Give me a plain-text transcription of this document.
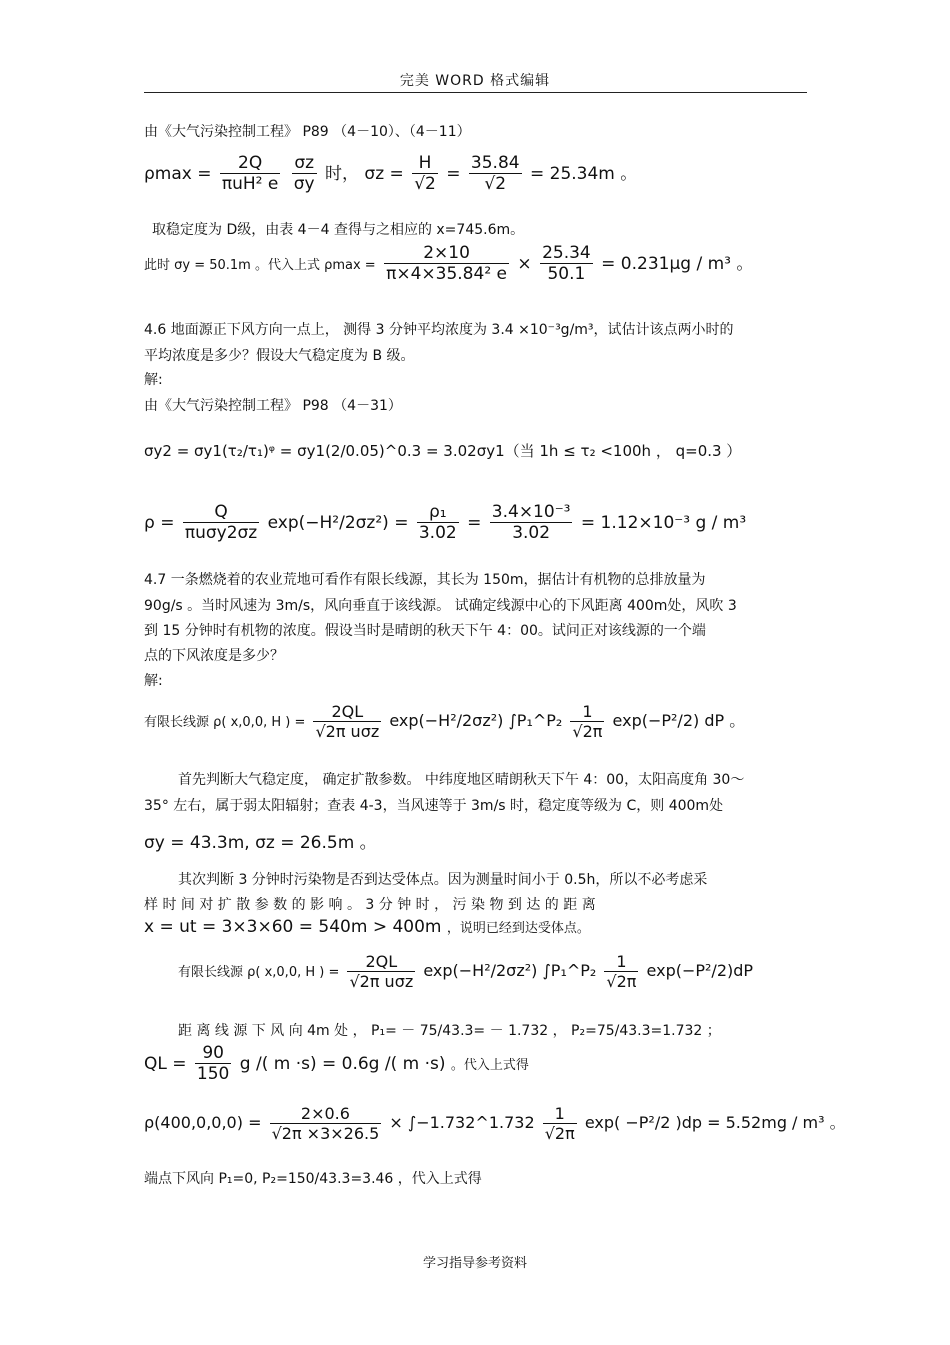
完美 WORD 格式编辑
由《大气污染控制工程》 P89 （4－10）、（4－11）
$\rho\max = \frac{2Q}{\text{πuH² e}}$
$\frac{\sigma z}{\sigma y}$ 时， $\sigma z = \frac{H}{√2} = \frac{35.84}{√2} = 25.34m$ 。
取稳定度为 D级，由表 4－4 查得与之相应的 x=745.6m。
此时 σy = 50.1m 。代入上式 $\rho\max = \frac{2\times 10}{\text{π×4×35.84² e}} \times \frac{25.34}{50.1} = 0.231\mu g / m^3$ 。
4.6 地面源正下风方向一点上， 测得 3 分钟平均浓度为 3.4 ×10⁻³g/m³，试估计该点两小时的
平均浓度是多少？假设大气稳定度为 B 级。
解:
由《大气污染控制工程》 P98 （4－31）
σy2 = σy1(τ₂/τ₁)ᵠ = σy1(2/0.05)^0.3 = 3.02σy1（当 1h ≤ τ₂ <100h ， q=0.3 ）
$\rho = \frac{Q}{\text{πuσy2σz}} \exp(-H^2/2\sigma z^2) = \frac{\text{ρ₁}}{3.02} = \frac{\text{3.4×10⁻³}}{3.02} = 1.12\times 10^{-3}$ g / m³
4.7 一条燃烧着的农业荒地可看作有限长线源，其长为 150m，据估计有机物的总排放量为
90g/s 。当时风速为 3m/s，风向垂直于该线源。 试确定线源中心的下风距离 400m处，风吹 3
到 15 分钟时有机物的浓度。假设当时是晴朗的秋天下午 4：00。试问正对该线源的一个端
点的下风浓度是多少？
解:
有限长线源 ρ( x,0,0, H ) = $\frac{2QL}{\text{√2π uσz}} \exp(-H^2/2\sigma z^2)$ ∫P₁^P₂ $\frac{1}{√2\pi} \exp(-P^2/2)$ dP 。
首先判断大气稳定度， 确定扩散参数。 中纬度地区晴朗秋天下午 4：00，太阳高度角 30～
35° 左右，属于弱太阳辐射；查表 4-3，当风速等于 3m/s 时，稳定度等级为 C，则 400m处
σy = 43.3m, σz = 26.5m 。
其次判断 3 分钟时污染物是否到达受体点。因为测量时间小于 0.5h，所以不必考虑采
样 时 间 对 扩 散 参 数 的 影 响 。 3 分 钟 时 ， 污 染 物 到 达 的 距 离
x = ut = 3×3×60 = 540m > 400m ，说明已经到达受体点。
有限长线源 ρ( x,0,0, H ) = $\frac{2QL}{\text{√2π uσz}} \exp(-H^2/2\sigma z^2)$ ∫P₁^P₂ $\frac{1}{√2\pi} \exp(-P^2/2)dP$
距 离 线 源 下 风 向 4m 处 ， P₁= － 75/43.3= － 1.732 ， P₂=75/43.3=1.732 ；
QL = $\frac{90}{150}$ g /( m ·s) = 0.6g /( m ·s) 。代入上式得
$\rho(400,0,0,0) = \frac{2\times 0.6}{√2\pi \times 3\times 26.5}$ × ∫−1.732^1.732 $\frac{1}{√2\pi} \exp( -P^2/2$ )dp = 5.52mg / m³ 。
端点下风向 P₁=0, P₂=150/43.3=3.46 ，代入上式得
学习指导参考资料
